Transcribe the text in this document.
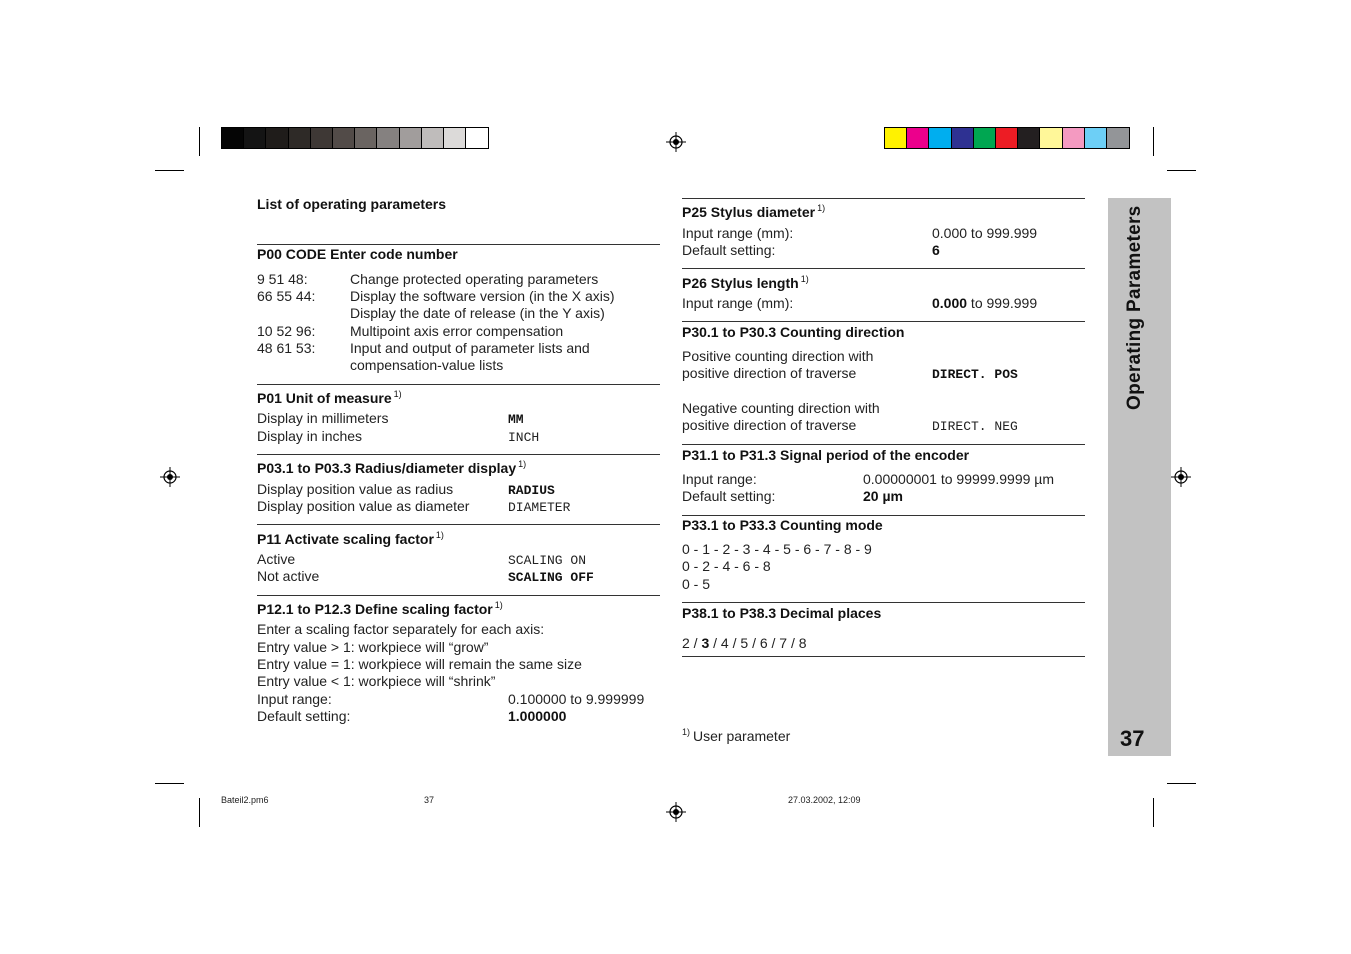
Operating Parameters
37
List of operating parameters
P00 CODE Enter code number
9 51 48:	Change protected operating parameters
66 55 44: Display the software version (in the X axis)
Display the date of release (in the Y axis)
10 52 96: Multipoint axis error compensation
48 61 53: Input and output of parameter lists and
compensation-value lists
P01 Unit of measure $^{1)}$
Display in millimeters	MM
Display in inches	INCH
P03.1 to P03.3 Radius/diameter display $^{1)}$
Display position value as radius	RADIUS
Display position value as diameter	DIAMETER
P11 Activate scaling factor $^{1)}$
Active	SCALING ON
Not active	SCALING OFF
P12.1 to P12.3 Define scaling factor $^{1)}$
Enter a scaling factor separately for each axis:
Entry value > 1: workpiece will “grow”
Entry value = 1: workpiece will remain the same size
Entry value < 1: workpiece will “shrink”
Input range:	0.100000 to 9.999999
Default setting:	1.000000
P25 Stylus diameter $^{1)}$
Input range (mm):	0.000 to 999.999
Default setting:	6
P26 Stylus length $^{1)}$
Input range (mm):	0.000 to 999.999
P30.1 to P30.3 Counting direction
Positive counting direction with
positive direction of traverse	DIRECT. POS
Negative counting direction with
positive direction of traverse	DIRECT. NEG
P31.1 to P31.3 Signal period of the encoder
Input range:	0.00000001 to 99999.9999 µm
Default setting:	20 µm
P33.1 to P33.3 Counting mode
0 - 1 - 2 - 3 - 4 - 5 - 6 - 7 - 8 - 9
0 - 2 - 4 - 6 - 8
0 - 5
P38.1 to P38.3 Decimal places
2 / 3 / 4 / 5 / 6 / 7 / 8
$^{1)}$ User parameter
Bateil2.pm6	37	27.03.2002, 12:09
